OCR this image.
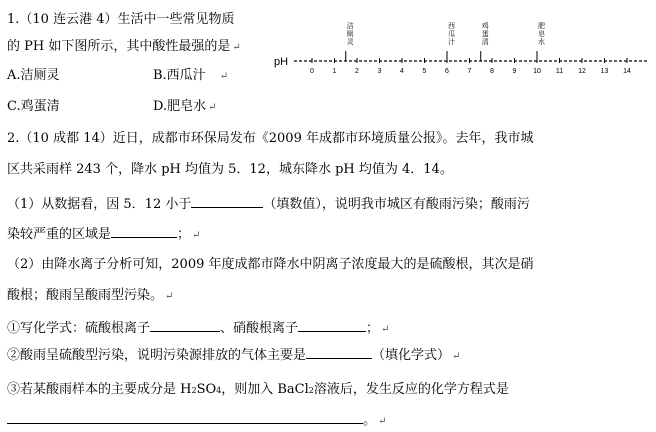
1.（10 连云港 4）生活中一些常见物质
的 PH 如下图所示，其中酸性最强的是 ↵
A.洁厕灵	B.西瓜汁 ↵
C.鸡蛋清	D.肥皂水 ↵
pH
0	1	2	3	4	5	6	7	8	9 10 11 12 13 14
洁
厕
灵
西
瓜
汁
鸡
蛋
清
肥
皂
水
2.（10 成都 14）近日，成都市环保局发布《2009 年成都市环境质量公报》。去年，我市城
区共采雨样 243 个，降水 pH 均值为 5．12，城东降水 pH 均值为 4．14。
（1）从数据看，因 5．12 小于	（填数值），说明我市城区有酸雨污染；酸雨污
染较严重的区域是	； ↵
（2）由降水离子分析可知，2009 年度成都市降水中阴离子浓度最大的是硫酸根，其次是硝
酸根；酸雨呈酸雨型污染。 ↵
①写化学式：硫酸根离子	、硝酸根离子	； ↵
②酸雨呈硫酸型污染，说明污染源排放的气体主要是	（填化学式） ↵
③若某酸雨样本的主要成分是 H2SO4，则加入 BaCl2溶液后，发生反应的化学方程式是
。 ↵
